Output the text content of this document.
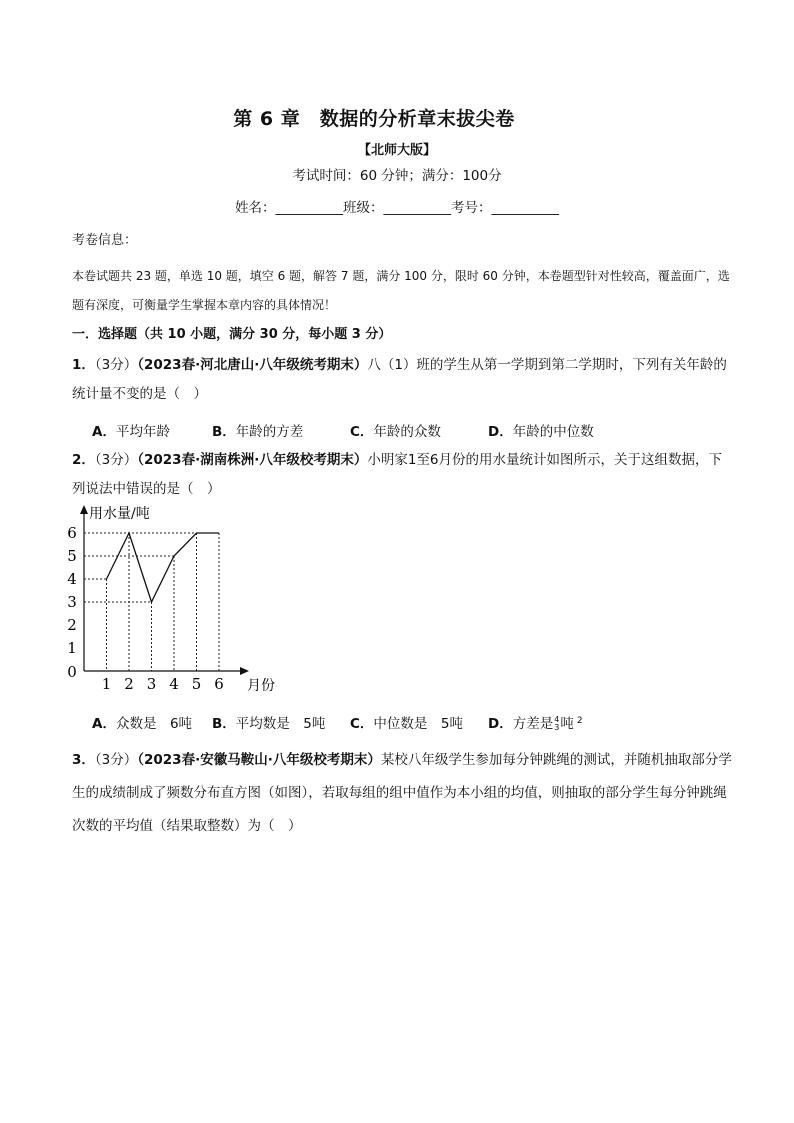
第 6 章　数据的分析章末拔尖卷
【北师大版】
考试时间：60 分钟；满分：100分
姓名：__________班级：__________考号：__________
考卷信息：
本卷试题共 23 题，单选 10 题，填空 6 题，解答 7 题，满分 100 分，限时 60 分钟，本卷题型针对性较高，覆盖面广，选题有深度，可衡量学生掌握本章内容的具体情况！
一．选择题（共 10 小题，满分 30 分，每小题 3 分）
1．（3分）（2023春·河北唐山·八年级统考期末）八（1）班的学生从第一学期到第二学期时，下列有关年龄的统计量不变的是（　）
A．平均年龄	B．年龄的方差	C．年龄的众数	D．年龄的中位数
2．（3分）（2023春·湖南株洲·八年级校考期末）小明家1至6月份的用水量统计如图所示，关于这组数据，下列说法中错误的是（　）
1
2
3
4
5
6
0
1 2 3 4 5 6
用水量/吨
月份
A．众数是　6吨 B．平均数是　5吨 C．中位数是　5吨 D．方差是 4
3 吨 $^2$
3．（3分）（2023春·安徽马鞍山·八年级校考期末）某校八年级学生参加每分钟跳绳的测试，并随机抽取部分学生的成绩制成了频数分布直方图（如图），若取每组的组中值作为本小组的均值，则抽取的部分学生每分钟跳绳次数的平均值（结果取整数）为（　）
